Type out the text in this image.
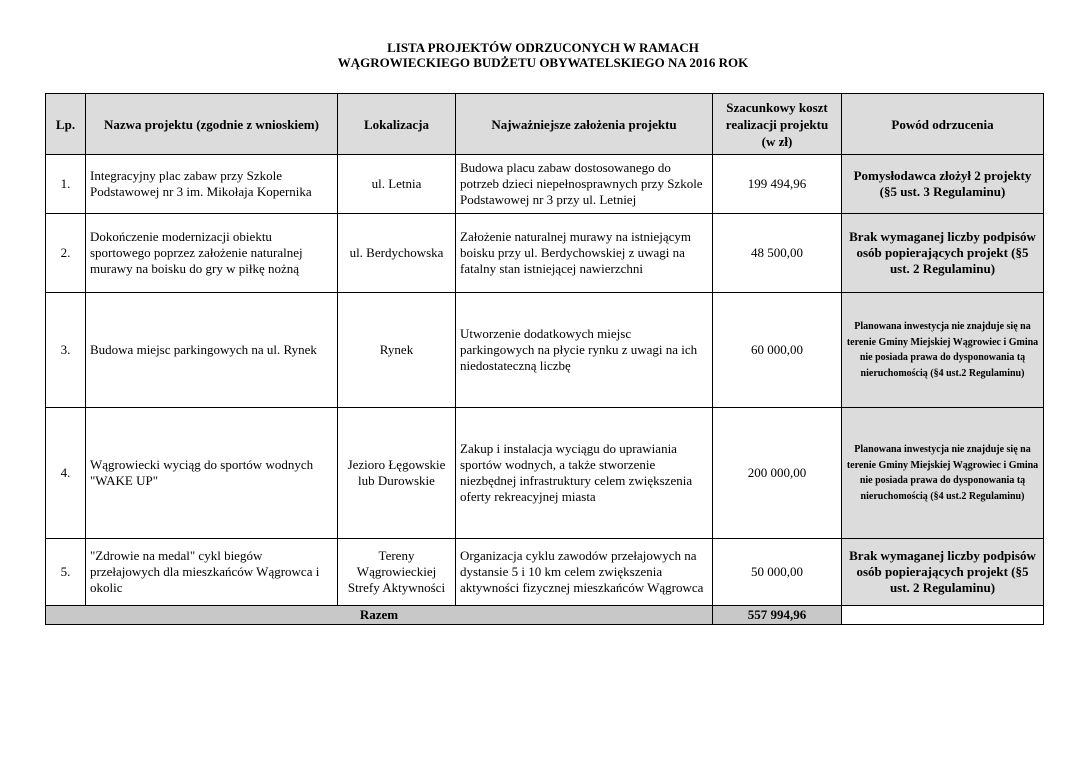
LISTA PROJEKTÓW ODRZUCONYCH W RAMACH
WĄGROWIECKIEGO BUDŻETU OBYWATELSKIEGO NA 2016 ROK
Lp.	Nazwa projektu (zgodnie z wnioskiem)	Lokalizacja	Najważniejsze założenia projektu	Szacunkowy koszt realizacji projektu (w zł)	Powód odrzucenia
1.	Integracyjny plac zabaw przy Szkole Podstawowej nr 3 im. Mikołaja Kopernika	ul. Letnia	Budowa placu zabaw dostosowanego do potrzeb dzieci niepełnosprawnych przy Szkole Podstawowej nr 3 przy ul. Letniej	199 494,96	Pomysłodawca złożył 2 projekty (§5 ust. 3 Regulaminu)
2.	Dokończenie modernizacji obiektu sportowego poprzez założenie naturalnej murawy na boisku do gry w piłkę nożną	ul. Berdychowska	Założenie naturalnej murawy na istniejącym boisku przy ul. Berdychowskiej z uwagi na fatalny stan istniejącej nawierzchni	48 500,00	Brak wymaganej liczby podpisów osób popierających projekt (§5 ust. 2 Regulaminu)
3.	Budowa miejsc parkingowych na ul. Rynek	Rynek	Utworzenie dodatkowych miejsc parkingowych na płycie rynku z uwagi na ich niedostateczną liczbę	60 000,00	Planowana inwestycja nie znajduje się na terenie Gminy Miejskiej Wągrowiec i Gmina nie posiada prawa do dysponowania tą nieruchomością (§4 ust.2 Regulaminu)
4.	Wągrowiecki wyciąg do sportów wodnych "WAKE UP"	Jezioro Łęgowskie lub Durowskie	Zakup i instalacja wyciągu do uprawiania sportów wodnych, a także stworzenie niezbędnej infrastruktury celem zwiększenia oferty rekreacyjnej miasta	200 000,00	Planowana inwestycja nie znajduje się na terenie Gminy Miejskiej Wągrowiec i Gmina nie posiada prawa do dysponowania tą nieruchomością (§4 ust.2 Regulaminu)
5.	"Zdrowie na medal" cykl biegów przełajowych dla mieszkańców Wągrowca i okolic	Tereny Wągrowieckiej Strefy Aktywności	Organizacja cyklu zawodów przełajowych na dystansie 5 i 10 km celem zwiększenia aktywności fizycznej mieszkańców Wągrowca	50 000,00	Brak wymaganej liczby podpisów osób popierających projekt (§5 ust. 2 Regulaminu)
Razem				557 994,96	
